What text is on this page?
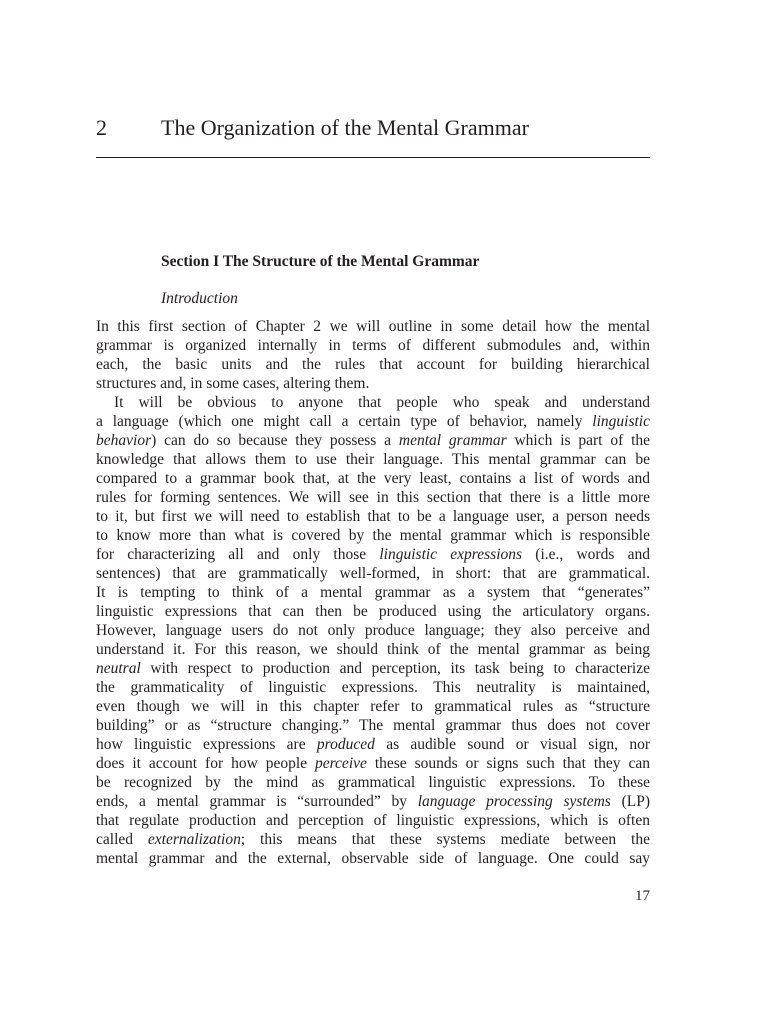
2 The Organization of the Mental Grammar
Section I The Structure of the Mental Grammar
Introduction
In this first section of Chapter 2 we will outline in some detail how the mental
grammar is organized internally in terms of different submodules and, within
each, the basic units and the rules that account for building hierarchical
structures and, in some cases, altering them.
It will be obvious to anyone that people who speak and understand
a language (which one might call a certain type of behavior, namely linguistic
behavior) can do so because they possess a mental grammar which is part of the
knowledge that allows them to use their language. This mental grammar can be
compared to a grammar book that, at the very least, contains a list of words and
rules for forming sentences. We will see in this section that there is a little more
to it, but first we will need to establish that to be a language user, a person needs
to know more than what is covered by the mental grammar which is responsible
for characterizing all and only those linguistic expressions (i.e., words and
sentences) that are grammatically well-formed, in short: that are grammatical.
It is tempting to think of a mental grammar as a system that “generates”
linguistic expressions that can then be produced using the articulatory organs.
However, language users do not only produce language; they also perceive and
understand it. For this reason, we should think of the mental grammar as being
neutral with respect to production and perception, its task being to characterize
the grammaticality of linguistic expressions. This neutrality is maintained,
even though we will in this chapter refer to grammatical rules as “structure
building” or as “structure changing.” The mental grammar thus does not cover
how linguistic expressions are produced as audible sound or visual sign, nor
does it account for how people perceive these sounds or signs such that they can
be recognized by the mind as grammatical linguistic expressions. To these
ends, a mental grammar is “surrounded” by language processing systems (LP)
that regulate production and perception of linguistic expressions, which is often
called externalization; this means that these systems mediate between the
mental grammar and the external, observable side of language. One could say
17
